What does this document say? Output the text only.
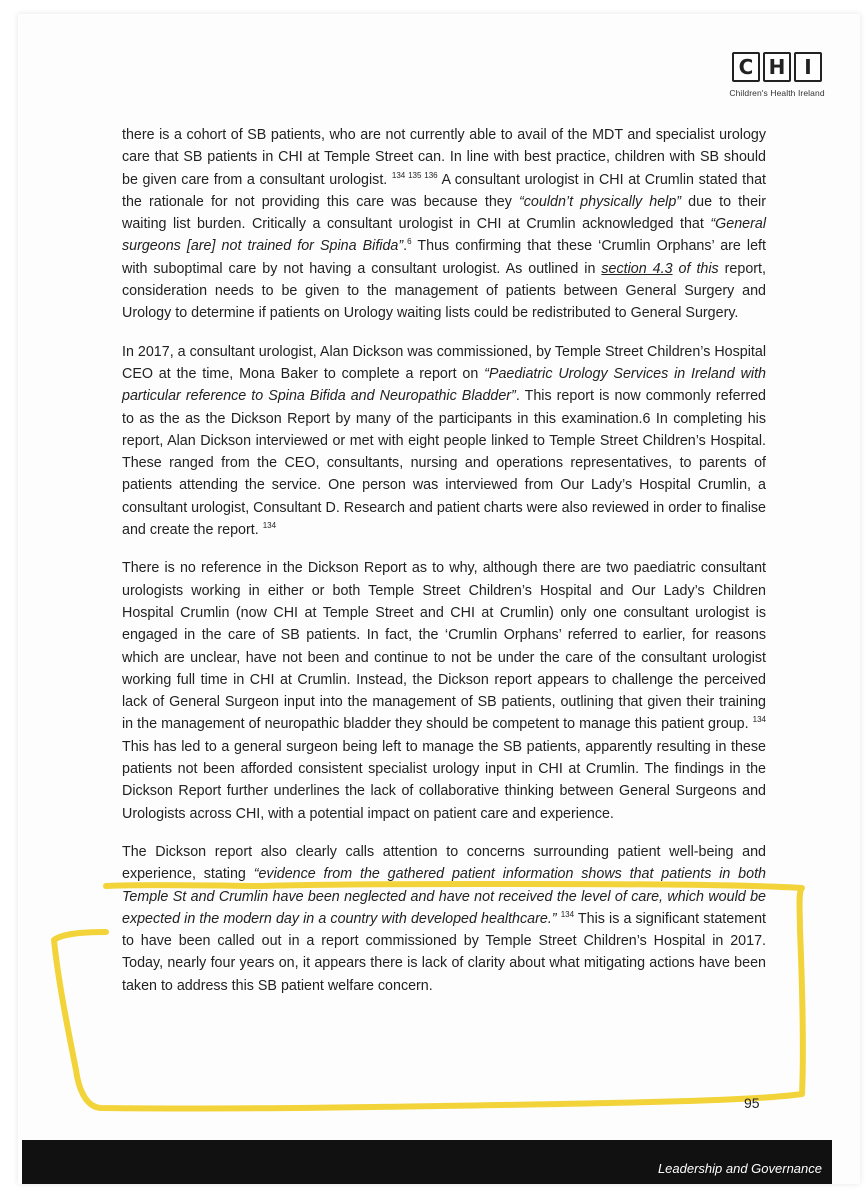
C H I
Children's Health Ireland

there is a cohort of SB patients, who are not currently able to avail of the MDT and specialist urology care that SB patients in CHI at Temple Street can. In line with best practice, children with SB should be given care from a consultant urologist. $^{134 135 136}$ A consultant urologist in CHI at Crumlin stated that the rationale for not providing this care was because they “couldn’t physically help” due to their waiting list burden. Critically a consultant urologist in CHI at Crumlin acknowledged that “General surgeons [are] not trained for Spina Bifida”.$^6$ Thus confirming that these ‘Crumlin Orphans’ are left with suboptimal care by not having a consultant urologist. As outlined in section 4.3 of this report, consideration needs to be given to the management of patients between General Surgery and Urology to determine if patients on Urology waiting lists could be redistributed to General Surgery.

In 2017, a consultant urologist, Alan Dickson was commissioned, by Temple Street Children’s Hospital CEO at the time, Mona Baker to complete a report on “Paediatric Urology Services in Ireland with particular reference to Spina Bifida and Neuropathic Bladder”. This report is now commonly referred to as the as the Dickson Report by many of the participants in this examination.6 In completing his report, Alan Dickson interviewed or met with eight people linked to Temple Street Children’s Hospital. These ranged from the CEO, consultants, nursing and operations representatives, to parents of patients attending the service. One person was interviewed from Our Lady’s Hospital Crumlin, a consultant urologist, Consultant D. Research and patient charts were also reviewed in order to finalise and create the report. $^{134}$

There is no reference in the Dickson Report as to why, although there are two paediatric consultant urologists working in either or both Temple Street Children’s Hospital and Our Lady’s Children Hospital Crumlin (now CHI at Temple Street and CHI at Crumlin) only one consultant urologist is engaged in the care of SB patients. In fact, the ‘Crumlin Orphans’ referred to earlier, for reasons which are unclear, have not been and continue to not be under the care of the consultant urologist working full time in CHI at Crumlin. Instead, the Dickson report appears to challenge the perceived lack of General Surgeon input into the management of SB patients, outlining that given their training in the management of neuropathic bladder they should be competent to manage this patient group. $^{134}$ This has led to a general surgeon being left to manage the SB patients, apparently resulting in these patients not been afforded consistent specialist urology input in CHI at Crumlin. The findings in the Dickson Report further underlines the lack of collaborative thinking between General Surgeons and Urologists across CHI, with a potential impact on patient care and experience.

The Dickson report also clearly calls attention to concerns surrounding patient well-being and experience, stating “evidence from the gathered patient information shows that patients in both Temple St and Crumlin have been neglected and have not received the level of care, which would be expected in the modern day in a country with developed healthcare.” $^{134}$ This is a significant statement to have been called out in a report commissioned by Temple Street Children’s Hospital in 2017. Today, nearly four years on, it appears there is lack of clarity about what mitigating actions have been taken to address this SB patient welfare concern.

95
Leadership and Governance
